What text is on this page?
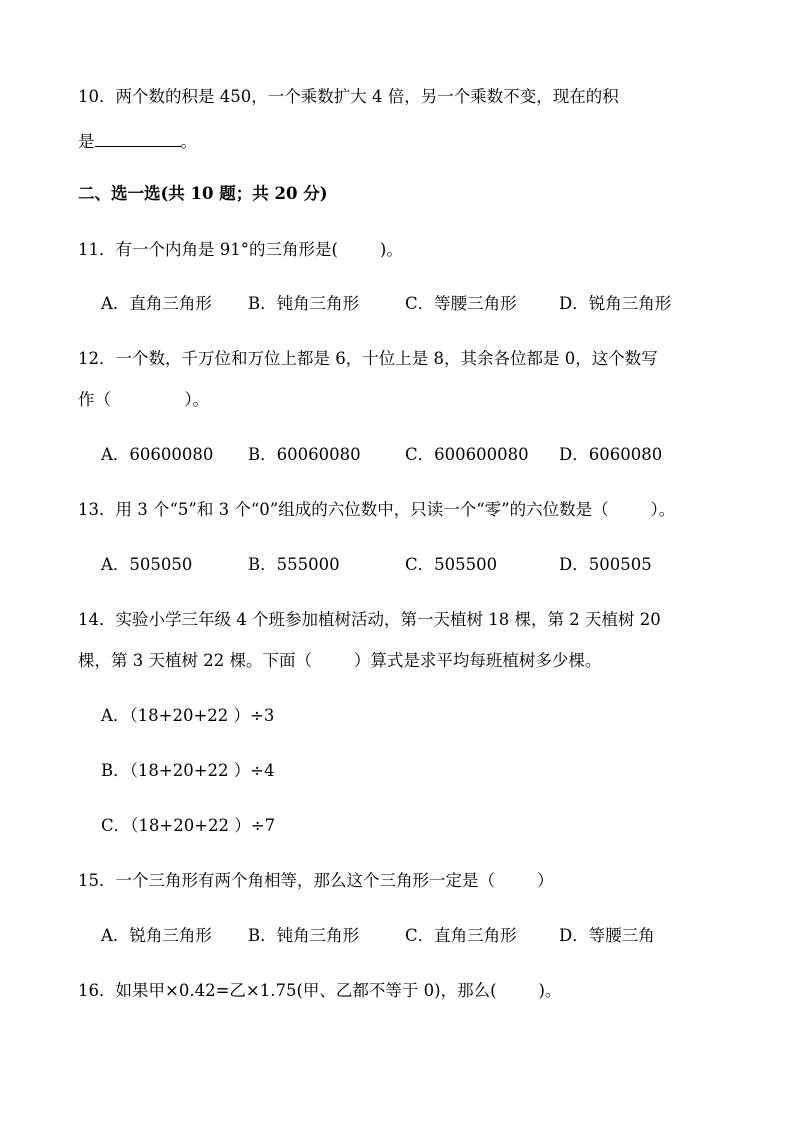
10．两个数的积是 450，一个乘数扩大 4 倍，另一个乘数不变，现在的积
是	。
二、选一选(共 10 题；共 20 分)
11．有一个内角是 91°的三角形是(        )。
A．直角三角形 B．钝角三角形	C．等腰三角形	D．锐角三角形
12．一个数，千万位和万位上都是 6，十位上是 8，其余各位都是 0，这个数写
作（              ）。
A．60600080 B．60060080	C．600600080 D．6060080
13．用 3 个“5”和 3 个“0”组成的六位数中，只读一个“零”的六位数是（        ）。
A．505050	B．555000	C．505500	D．500505
14．实验小学三年级 4 个班参加植树活动，第一天植树 18 棵，第 2 天植树 20
棵，第 3 天植树 22 棵。下面（        ）算式是求平均每班植树多少棵。
A．（18+20+22 ）÷3
B．（18+20+22 ）÷4
C．（18+20+22 ）÷7
15．一个三角形有两个角相等，那么这个三角形一定是（        ）
A．锐角三角形 B．钝角三角形	C．直角三角形	D．等腰三角
16．如果甲×0.42=乙×1.75(甲、乙都不等于 0)，那么(        )。
